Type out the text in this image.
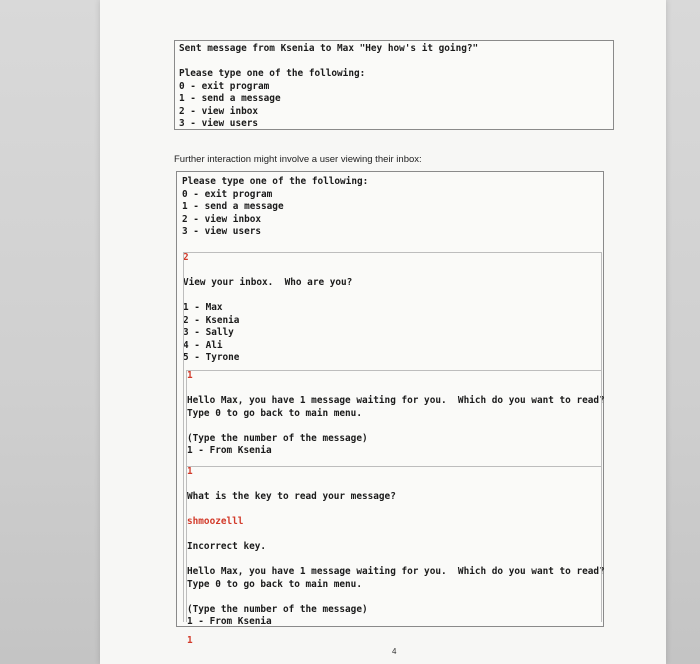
Sent message from Ksenia to Max "Hey how's it going?"
Please type one of the following:
0 - exit program
1 - send a message
2 - view inbox
3 - view users
Further interaction might involve a user viewing their inbox:
Please type one of the following:
0 - exit program
1 - send a message
2 - view inbox
3 - view users
2
View your inbox.  Who are you?
1 - Max
2 - Ksenia
3 - Sally
4 - Ali
5 - Tyrone
1
Hello Max, you have 1 message waiting for you.  Which do you want to read?
Type 0 to go back to main menu.
(Type the number of the message)
1 - From Ksenia
1
What is the key to read your message?
shmoozelll
Incorrect key.
Hello Max, you have 1 message waiting for you.  Which do you want to read?
Type 0 to go back to main menu.
(Type the number of the message)
1 - From Ksenia
1
4
